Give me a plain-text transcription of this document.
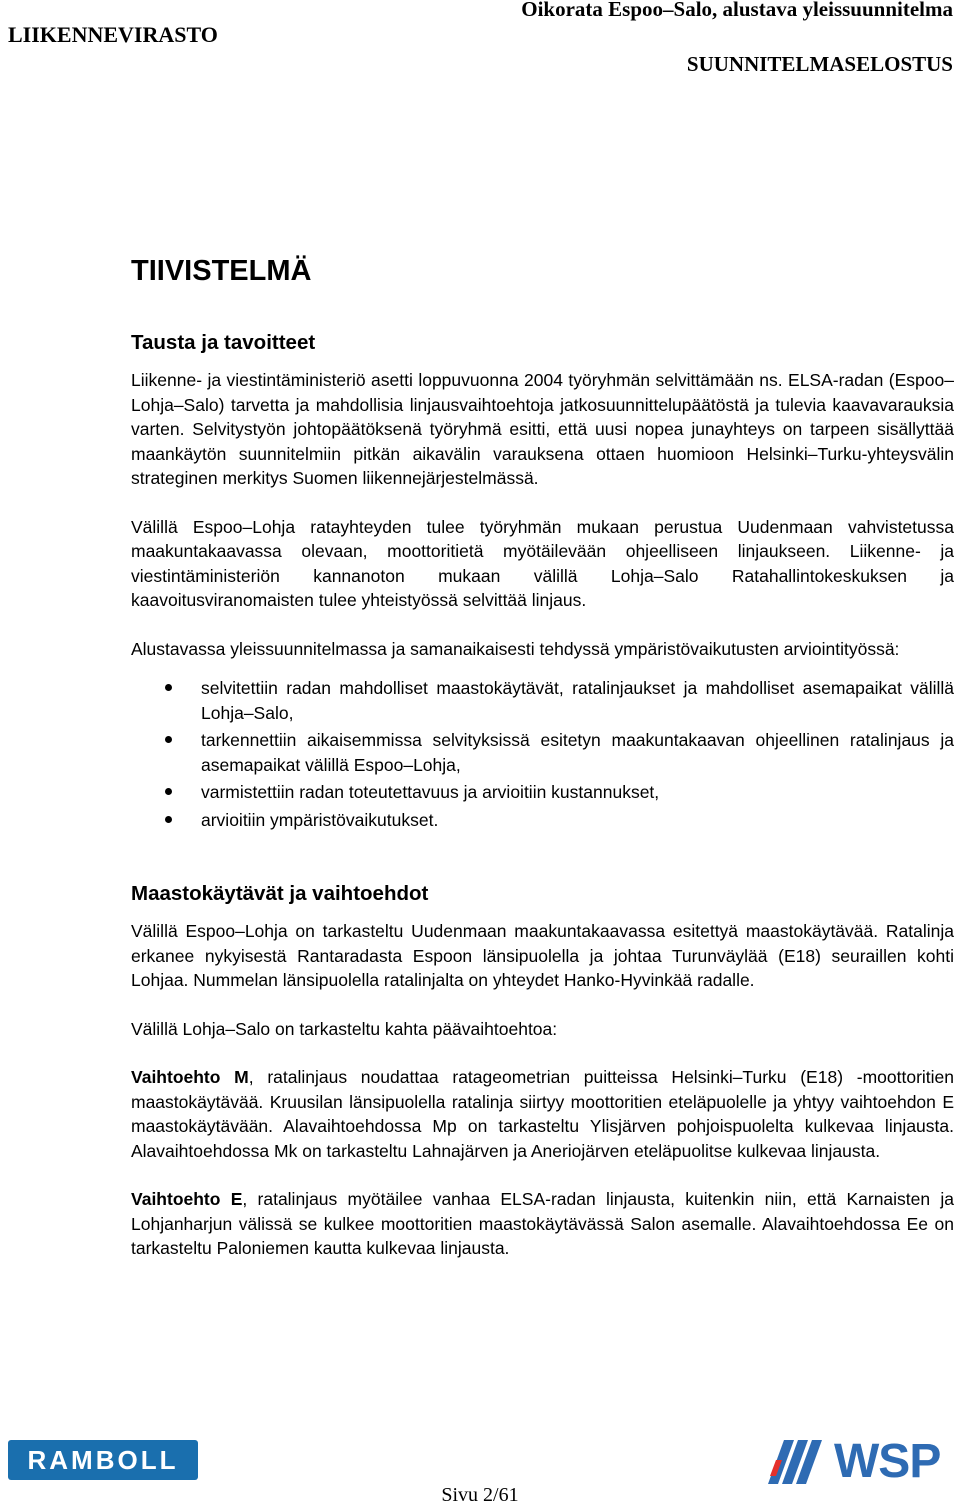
LIIKENNEVIRASTO
Oikorata Espoo–Salo, alustava yleissuunnitelma
SUUNNITELMASELOSTUS
TIIVISTELMÄ
Tausta ja tavoitteet

Liikenne- ja viestintäministeriö asetti loppuvuonna 2004 työryhmän selvittämään ns. ELSA-radan (Espoo–Lohja–Salo) tarvetta ja mahdollisia linjausvaihtoehtoja jatkosuunnittelupäätöstä ja tulevia kaavavarauksia varten. Selvitystyön johtopäätöksenä työryhmä esitti, että uusi nopea junayhteys on tarpeen sisällyttää maankäytön suunnitelmiin pitkän aikavälin varauksena ottaen huomioon Helsinki–Turku-yhteysvälin strateginen merkitys Suomen liikennejärjestelmässä.

Välillä Espoo–Lohja ratayhteyden tulee työryhmän mukaan perustua Uudenmaan vahvistetussa maakuntakaavassa olevaan, moottoritietä myötäilevään ohjeelliseen linjaukseen. Liikenne- ja viestintäministeriön kannanoton mukaan välillä Lohja–Salo Ratahallintokeskuksen ja kaavoitusviranomaisten tulee yhteistyössä selvittää linjaus.

Alustavassa yleissuunnitelmassa ja samanaikaisesti tehdyssä ympäristövaikutusten arviointityössä:

selvitettiin radan mahdolliset maastokäytävät, ratalinjaukset ja mahdolliset asemapaikat välillä Lohja–Salo,
tarkennettiin aikaisemmissa selvityksissä esitetyn maakuntakaavan ohjeellinen ratalinjaus ja asemapaikat välillä Espoo–Lohja,
varmistettiin radan toteutettavuus ja arvioitiin kustannukset,
arvioitiin ympäristövaikutukset.
Maastokäytävät ja vaihtoehdot

Välillä Espoo–Lohja on tarkasteltu Uudenmaan maakuntakaavassa esitettyä maastokäytävää. Ratalinja erkanee nykyisestä Rantaradasta Espoon länsipuolella ja johtaa Turunväylää (E18) seuraillen kohti Lohjaa. Nummelan länsipuolella ratalinjalta on yhteydet Hanko-Hyvinkää radalle.

Välillä Lohja–Salo on tarkasteltu kahta päävaihtoehtoa:

Vaihtoehto M, ratalinjaus noudattaa ratageometrian puitteissa Helsinki–Turku (E18) -moottoritien maastokäytävää. Kruusilan länsipuolella ratalinja siirtyy moottoritien eteläpuolelle ja yhtyy vaihtoehdon E maastokäytävään. Alavaihtoehdossa Mp on tarkasteltu Ylisjärven pohjoispuolelta kulkevaa linjausta. Alavaihtoehdossa Mk on tarkasteltu Lahnajärven ja Aneriojärven eteläpuolitse kulkevaa linjausta.

Vaihtoehto E, ratalinjaus myötäilee vanhaa ELSA-radan linjausta, kuitenkin niin, että Karnaisten ja Lohjanharjun välissä se kulkee moottoritien maastokäytävässä Salon asemalle. Alavaihtoehdossa Ee on tarkasteltu Paloniemen kautta kulkevaa linjausta.

RAMBOLL	WSP
Sivu 2/61
